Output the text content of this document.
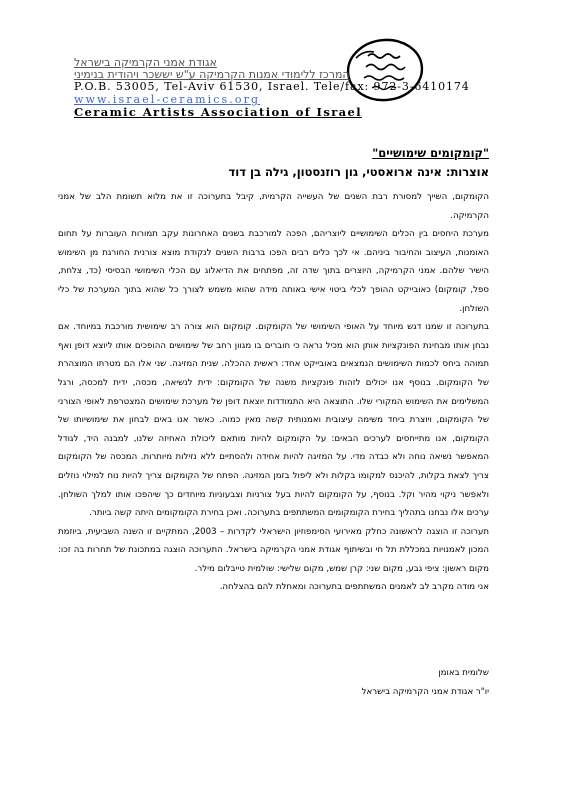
אגודת אמני הקרמיקה בישראל
המרכז ללימודי אמנות הקרמיקה ע"ש יששכר ויהודית בנימיני
P.O.B. 53005, Tel-Aviv 61530, Israel. Tele/fax: 972-3-6410174
www.israel-ceramics.org
Ceramic Artists Association of Israel
"קומקומים שימושיים"
אוצרות: אינה ארואסטי, גון רוזנסטון, גילה בן דוד

הקומקום, השייך למסורת רבת השנים של העשייה הקרמית, קיבל בתערוכה זו את מלוא תשומת הלב של אמני הקרמיקה.

מערכת היחסים בין הכלים השימושיים ליוצריהם, הפכה למורכבת בשנים האחרונות עקב תמורות העוברות על תחום האומנות, העיצוב והחיבור ביניהם. אי לכך כלים רבים הפכו ברבות השנים לנקודת מוצא צורנית החורגת מן השימוש הישיר שלהם. אמני הקרמיקה, היוצרים בתוך שדה זה, מפתחים את הדיאלוג עם הכלי השימושי הבסיסי (כד, צלחת, ספל, קומקום) כאובייקט ההופך לכלי ביטוי אישי באותה מידה שהוא משמש לצורך כל שהוא בתוך המערכת של כלי השולחן.

בתערוכה זו שמנו דגש מיוחד על האופי השימושי של הקומקום. קומקום הוא צורה רב שימושית מורכבת במיוחד. אם נבחן אותו מבחינת הפונקציות אותן הוא מכיל נראה כי חוברים בו מגוון רחב של שימושים ההופכים אותו ליוצא דופן ואף תמוהה ביחס לכמות השימושים הנמצאים באובייקט אחד: ראשית ההכלה. שנית המזיגה. שני אלו הם מטרתו המוצהרת של הקומקום. בנוסף אנו יכולים לזהות פונקציות משנה של הקומקום: ידית לנשיאה, מכסה, ידית למכסה, ורגל המשלימים את השימוש המקורי שלו. התוצאה היא התמודדות יוצאת דופן של מערכת שימושים המצטרפת לאופי הצורני של הקומקום, ויוצרת ביחד משימה עיצובית ואמנותית קשה מאין כמוה. כאשר אנו באים לבחון את שימושיותו של הקומקום, אנו מתייחסים לערכים הבאים: על הקומקום להיות מותאם ליכולת האחיזה שלנו, למבנה היד, לגודל המאפשר נשיאה נוחה ולא כבדה מדי. על המזיגה להיות אחידה ולהסתיים ללא נזילות מיותרות. המכסה של הקומקום צריך לצאת בקלות, להיכנס למקומו בקלות ולא ליפול בזמן המזיגה. הפתח של הקומקום צריך להיות נוח למילוי נוזלים ולאפשר ניקוי מהיר וקל. בנוסף, על הקומקום להיות בעל צורניות וצבעוניות מיוחדים כך שיהפכו אותו למלך השולחן. ערכים אלו נבחנו בתהליך בחירת הקומקומים המשתתפים בתערוכה. ואכן בחירת הקומקומים היתה קשה ביותר.

תערוכה זו הוצגה לראשונה כחלק מאירועי הסימפוזיון הישראלי לקדרות – 2003, המתקיים זו השנה השביעית, ביוזמת המכון לאמנויות במכללת תל חי ובשיתוף אגודת אמני הקרמיקה בישראל. התערוכה הוצגה במתכונת של תחרות בה זכו: מקום ראשון: ציפי גבע, מקום שני: קרן שמש, מקום שלישי: שולמית טייבלום מילר.

אני מודה מקרב לב לאמנים המשתתפים בתערוכה ומאחלת להם בהצלחה.

שלומית באומן
יו"ר אגודת אמני הקרמיקה בישראל
